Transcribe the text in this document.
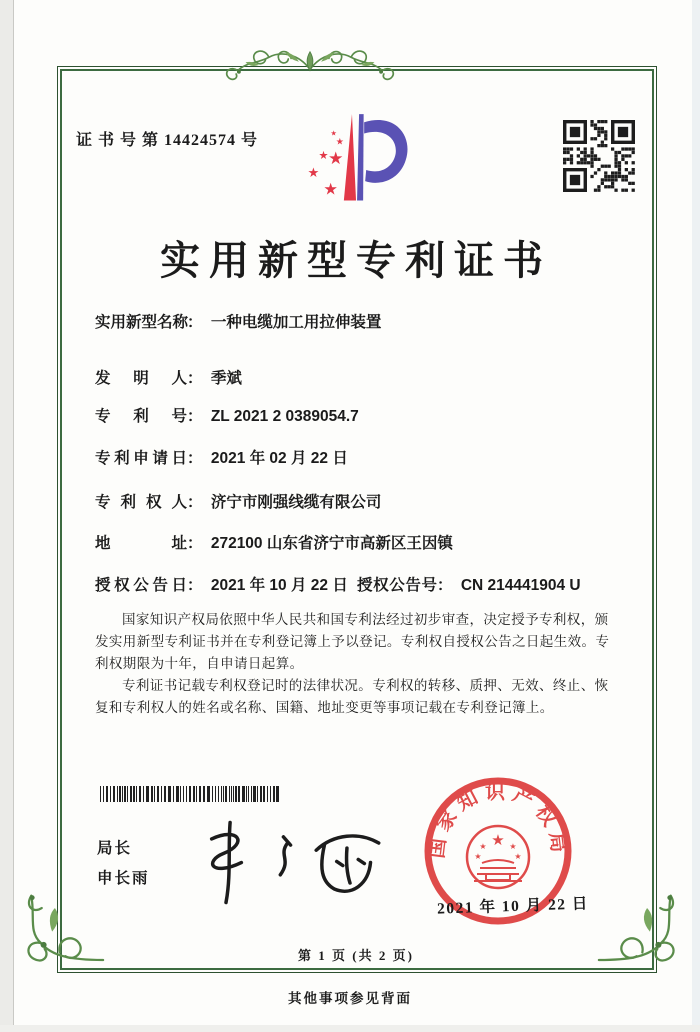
证 书 号 第 14424574 号
★
★
★
★
★
★
实用新型专利证书
实用新型名称： 一种电缆加工用拉伸装置
发明人： 季斌
专利号： ZL 2021 2 0389054.7
专利申请日： 2021 年 02 月 22 日
专利权人： 济宁市刚强线缆有限公司
地址： 272100 山东省济宁市高新区王因镇
授权公告日： 2021 年 10 月 22 日 授权公告号： CN 214441904 U

国家知识产权局依照中华人民共和国专利法经过初步审查，决定授予专利权，颁发实用新型专利证书并在专利登记簿上予以登记。专利权自授权公告之日起生效。专利权期限为十年，自申请日起算。

专利证书记载专利权登记时的法律状况。专利权的转移、质押、无效、终止、恢复和专利权人的姓名或名称、国籍、地址变更等事项记载在专利登记簿上。

局长
申长雨
国家知识产权局
★
★	★
★	★
2021 年 10 月 22 日
第 1 页 (共 2 页)
其他事项参见背面
